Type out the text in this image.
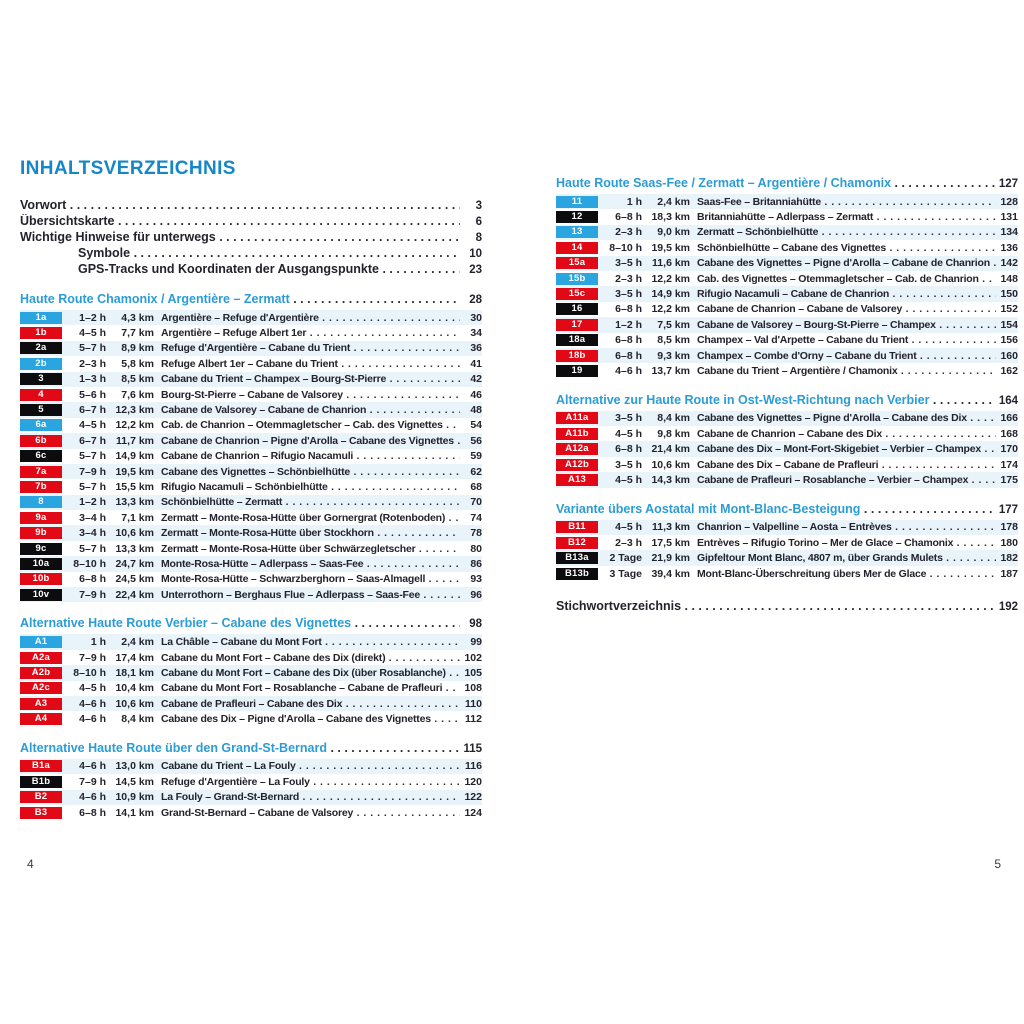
INHALTSVERZEICHNIS
Vorwort . . .	3
Übersichtskarte . . .	6
Wichtige Hinweise für unterwegs . . .	8
Symbole . . .	10
GPS-Tracks und Koordinaten der Ausgangspunkte . . .	23
Haute Route Chamonix / Argentière – Zermatt . . .	28
1a	1–2 h	4,3 km Argentière – Refuge d'Argentière . . .	30
1b	4–5 h	7,7 km Argentière – Refuge Albert 1er . . .	34
2a	5–7 h	8,9 km Refuge d'Argentière – Cabane du Trient . . .	36
2b	2–3 h	5,8 km Refuge Albert 1er – Cabane du Trient . . .	41
3	1–3 h	8,5 km Cabane du Trient – Champex – Bourg-St-Pierre . . .	42
4	5–6 h	7,6 km Bourg-St-Pierre – Cabane de Valsorey . . .	46
5	6–7 h 12,3 km Cabane de Valsorey – Cabane de Chanrion . . .	48
6a	4–5 h 12,2 km Cab. de Chanrion – Otemmagletscher – Cab. des Vignettes . . .	54
6b	6–7 h 11,7 km Cabane de Chanrion – Pigne d'Arolla – Cabane des Vignettes . . .	56
6c	5–7 h 14,9 km Cabane de Chanrion – Rifugio Nacamuli . . .	59
7a	7–9 h 19,5 km Cabane des Vignettes – Schönbielhütte . . .	62
7b	5–7 h 15,5 km Rifugio Nacamuli – Schönbielhütte . . .	68
8	1–2 h 13,3 km Schönbielhütte – Zermatt . . .	70
9a	3–4 h	7,1 km Zermatt – Monte-Rosa-Hütte über Gornergrat (Rotenboden) . . .	74
9b	3–4 h 10,6 km Zermatt – Monte-Rosa-Hütte über Stockhorn . . .	78
9c	5–7 h 13,3 km Zermatt – Monte-Rosa-Hütte über Schwärzegletscher . . .	80
10a	8–10 h 24,7 km Monte-Rosa-Hütte – Adlerpass – Saas-Fee . . .	86
10b	6–8 h 24,5 km Monte-Rosa-Hütte – Schwarzberghorn – Saas-Almagell . . .	93
10v	7–9 h 22,4 km Unterrothorn – Berghaus Flue – Adlerpass – Saas-Fee . . .	96
Alternative Haute Route Verbier – Cabane des Vignettes . . .	98
A1	1 h	2,4 km La Châble – Cabane du Mont Fort . . .	99
A2a	7–9 h 17,4 km Cabane du Mont Fort – Cabane des Dix (direkt) . . .	102
A2b	8–10 h 18,1 km Cabane du Mont Fort – Cabane des Dix (über Rosablanche) . . .	105
A2c	4–5 h 10,4 km Cabane du Mont Fort – Rosablanche – Cabane de Prafleuri . . .	108
A3	4–6 h 10,6 km Cabane de Prafleuri – Cabane des Dix . . .	110
A4	4–6 h	8,4 km Cabane des Dix – Pigne d'Arolla – Cabane des Vignettes . . .	112
Alternative Haute Route über den Grand-St-Bernard . . .	115
B1a	4–6 h 13,0 km Cabane du Trient – La Fouly . . .	116
B1b	7–9 h 14,5 km Refuge d'Argentière – La Fouly . . .	120
B2	4–6 h 10,9 km La Fouly – Grand-St-Bernard . . .	122
B3	6–8 h 14,1 km Grand-St-Bernard – Cabane de Valsorey . . .	124
Haute Route Saas-Fee / Zermatt – Argentière / Chamonix . . .	127
11	1 h	2,4 km Saas-Fee – Britanniahütte . . .	128
12	6–8 h 18,3 km Britanniahütte – Adlerpass – Zermatt . . .	131
13	2–3 h	9,0 km Zermatt – Schönbielhütte . . .	134
14	8–10 h 19,5 km Schönbielhütte – Cabane des Vignettes . . .	136
15a	3–5 h 11,6 km Cabane des Vignettes – Pigne d'Arolla – Cabane de Chanrion . . .	142
15b	2–3 h 12,2 km Cab. des Vignettes – Otemmagletscher – Cab. de Chanrion . . .	148
15c	3–5 h 14,9 km Rifugio Nacamuli – Cabane de Chanrion . . .	150
16	6–8 h 12,2 km Cabane de Chanrion – Cabane de Valsorey . . .	152
17	1–2 h	7,5 km Cabane de Valsorey – Bourg-St-Pierre – Champex . . .	154
18a	6–8 h	8,5 km Champex – Val d'Arpette – Cabane du Trient . . .	156
18b	6–8 h	9,3 km Champex – Combe d'Orny – Cabane du Trient . . .	160
19	4–6 h 13,7 km Cabane du Trient – Argentière / Chamonix . . .	162
Alternative zur Haute Route in Ost-West-Richtung nach Verbier . . .	164
A11a	3–5 h	8,4 km Cabane des Vignettes – Pigne d'Arolla – Cabane des Dix . . .	166
A11b	4–5 h	9,8 km Cabane de Chanrion – Cabane des Dix . . .	168
A12a	6–8 h 21,4 km Cabane des Dix – Mont-Fort-Skigebiet – Verbier – Champex . . .	170
A12b	3–5 h 10,6 km Cabane des Dix – Cabane de Prafleuri . . .	174
A13	4–5 h 14,3 km Cabane de Prafleuri – Rosablanche – Verbier – Champex . . .	175
Variante übers Aostatal mit Mont-Blanc-Besteigung . . .	177
B11	4–5 h 11,3 km Chanrion – Valpelline – Aosta – Entrèves . . .	178
B12	2–3 h 17,5 km Entrèves – Rifugio Torino – Mer de Glace – Chamonix . . .	180
B13a	2 Tage 21,9 km Gipfeltour Mont Blanc, 4807 m, über Grands Mulets . . .	182
B13b	3 Tage 39,4 km Mont-Blanc-Überschreitung übers Mer de Glace . . .	187
Stichwortverzeichnis . . .	192
4	5
